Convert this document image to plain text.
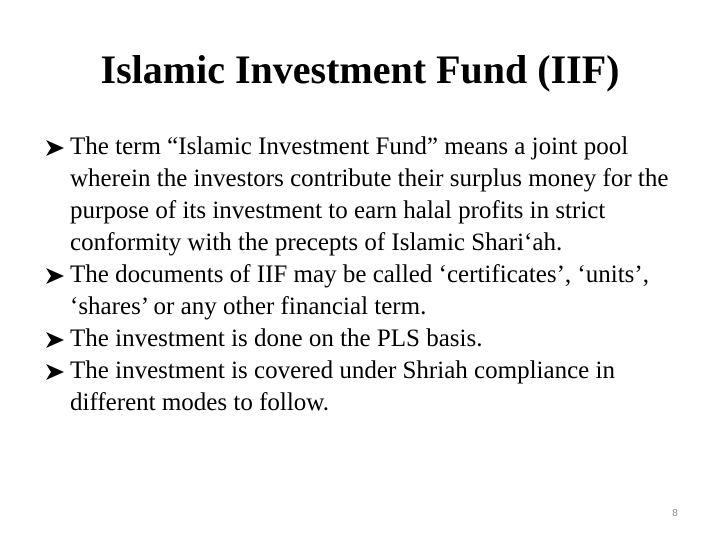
Islamic Investment Fund (IIF)
The term “Islamic Investment Fund” means a joint pool wherein the investors contribute their surplus money for the purpose of its investment to earn halal profits in strict conformity with the precepts of Islamic Shari‘ah.
The documents of IIF may be called ‘certificates’, ‘units’, ‘shares’ or any other financial term.
The investment is done on the PLS basis.
The investment is covered under Shriah compliance in different modes to follow.
8
